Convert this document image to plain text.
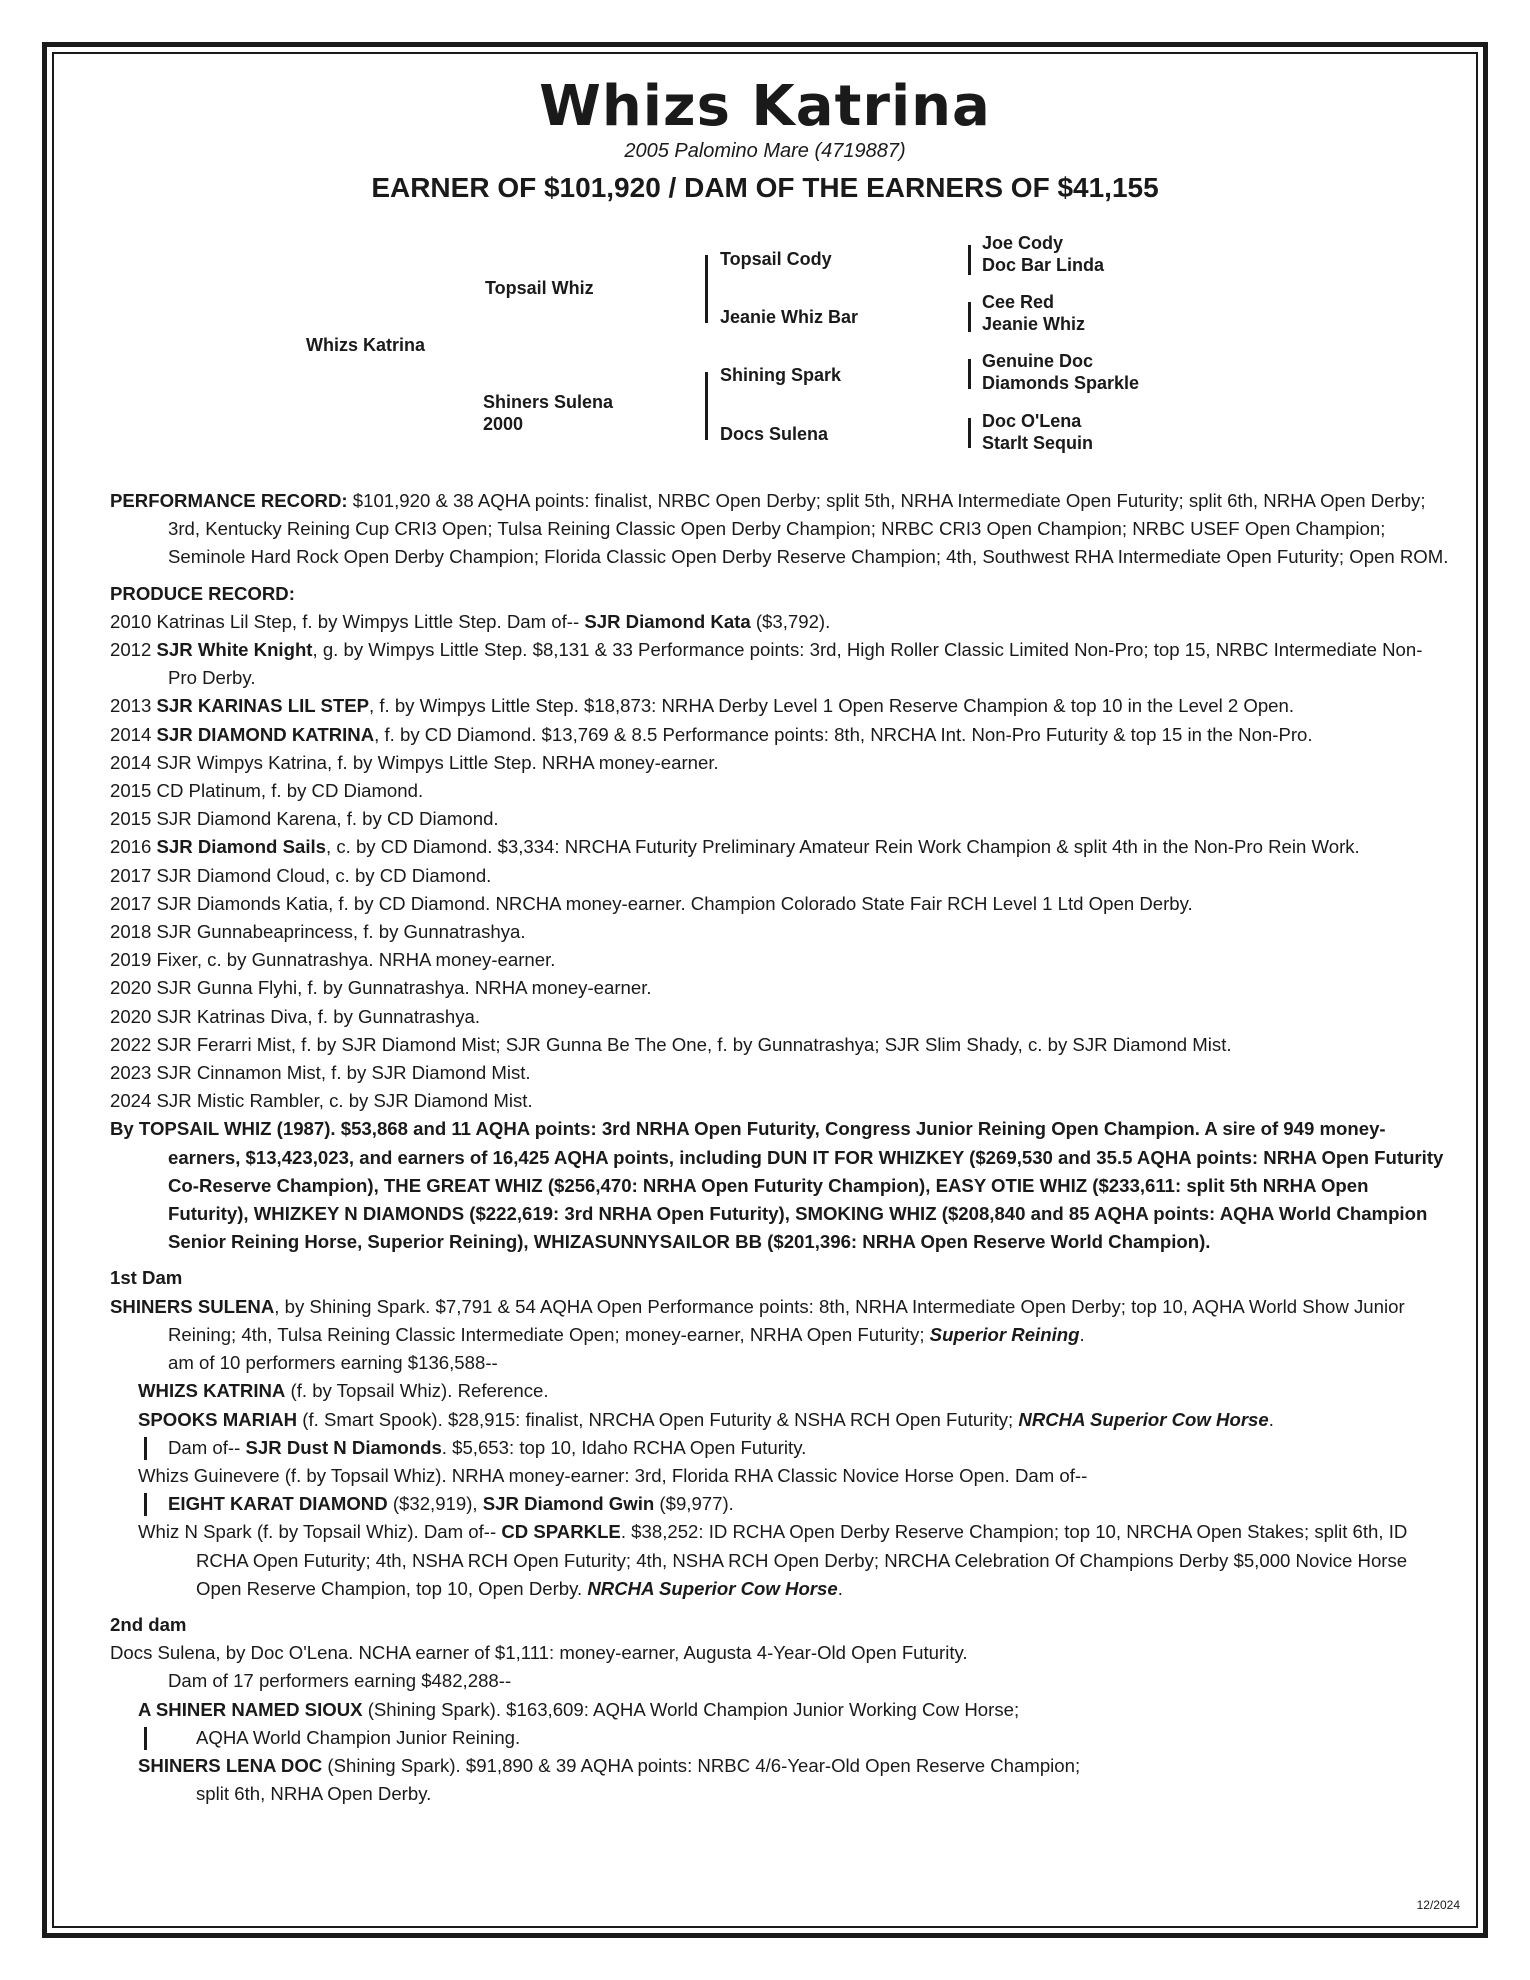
Whizs Katrina
2005 Palomino Mare (4719887)
EARNER OF $101,920 / DAM OF THE EARNERS OF $41,155
Whizs Katrina
Topsail Whiz
Shiners Sulena
2000
Topsail Cody
Jeanie Whiz Bar
Shining Spark
Docs Sulena
Joe Cody
Doc Bar Linda
Cee Red
Jeanie Whiz
Genuine Doc
Diamonds Sparkle
Doc O'Lena
Starlt Sequin

PERFORMANCE RECORD: $101,920 & 38 AQHA points: finalist, NRBC Open Derby; split 5th, NRHA Intermediate Open Futurity; split 6th, NRHA Open Derby; 3rd, Kentucky Reining Cup CRI3 Open; Tulsa Reining Classic Open Derby Champion; NRBC CRI3 Open Champion; NRBC USEF Open Champion; Seminole Hard Rock Open Derby Champion; Florida Classic Open Derby Reserve Champion; 4th, Southwest RHA Intermediate Open Futurity; Open ROM.

PRODUCE RECORD:

2010 Katrinas Lil Step, f. by Wimpys Little Step. Dam of-- SJR Diamond Kata ($3,792).

2012 SJR White Knight, g. by Wimpys Little Step. $8,131 & 33 Performance points: 3rd, High Roller Classic Limited Non-Pro; top 15, NRBC Intermediate Non-Pro Derby.

2013 SJR KARINAS LIL STEP, f. by Wimpys Little Step. $18,873: NRHA Derby Level 1 Open Reserve Champion & top 10 in the Level 2 Open.

2014 SJR DIAMOND KATRINA, f. by CD Diamond. $13,769 & 8.5 Performance points: 8th, NRCHA Int. Non-Pro Futurity & top 15 in the Non-Pro.

2014 SJR Wimpys Katrina, f. by Wimpys Little Step. NRHA money-earner.

2015 CD Platinum, f. by CD Diamond.

2015 SJR Diamond Karena, f. by CD Diamond.

2016 SJR Diamond Sails, c. by CD Diamond. $3,334: NRCHA Futurity Preliminary Amateur Rein Work Champion & split 4th in the Non-Pro Rein Work.

2017 SJR Diamond Cloud, c. by CD Diamond.

2017 SJR Diamonds Katia, f. by CD Diamond. NRCHA money-earner. Champion Colorado State Fair RCH Level 1 Ltd Open Derby.

2018 SJR Gunnabeaprincess, f. by Gunnatrashya.

2019 Fixer, c. by Gunnatrashya. NRHA money-earner.

2020 SJR Gunna Flyhi, f. by Gunnatrashya. NRHA money-earner.

2020 SJR Katrinas Diva, f. by Gunnatrashya.

2022 SJR Ferarri Mist, f. by SJR Diamond Mist; SJR Gunna Be The One, f. by Gunnatrashya; SJR Slim Shady, c. by SJR Diamond Mist.

2023 SJR Cinnamon Mist, f. by SJR Diamond Mist.

2024 SJR Mistic Rambler, c. by SJR Diamond Mist.

By TOPSAIL WHIZ (1987). $53,868 and 11 AQHA points: 3rd NRHA Open Futurity, Congress Junior Reining Open Champion. A sire of 949 money-earners, $13,423,023, and earners of 16,425 AQHA points, including DUN IT FOR WHIZKEY ($269,530 and 35.5 AQHA points: NRHA Open Futurity Co-Reserve Champion), THE GREAT WHIZ ($256,470: NRHA Open Futurity Champion), EASY OTIE WHIZ ($233,611: split 5th NRHA Open Futurity), WHIZKEY N DIAMONDS ($222,619: 3rd NRHA Open Futurity), SMOKING WHIZ ($208,840 and 85 AQHA points: AQHA World Champion Senior Reining Horse, Superior Reining), WHIZASUNNYSAILOR BB ($201,396: NRHA Open Reserve World Champion).

1st Dam

SHINERS SULENA, by Shining Spark. $7,791 & 54 AQHA Open Performance points: 8th, NRHA Intermediate Open Derby; top 10, AQHA World Show Junior Reining; 4th, Tulsa Reining Classic Intermediate Open; money-earner, NRHA Open Futurity; Superior Reining.

am of 10 performers earning $136,588--

WHIZS KATRINA (f. by Topsail Whiz). Reference.

SPOOKS MARIAH (f. Smart Spook). $28,915: finalist, NRCHA Open Futurity & NSHA RCH Open Futurity; NRCHA Superior Cow Horse.

Dam of-- SJR Dust N Diamonds. $5,653: top 10, Idaho RCHA Open Futurity.

Whizs Guinevere (f. by Topsail Whiz). NRHA money-earner: 3rd, Florida RHA Classic Novice Horse Open. Dam of--

EIGHT KARAT DIAMOND ($32,919), SJR Diamond Gwin ($9,977).

Whiz N Spark (f. by Topsail Whiz). Dam of-- CD SPARKLE. $38,252: ID RCHA Open Derby Reserve Champion; top 10, NRCHA Open Stakes; split 6th, ID RCHA Open Futurity; 4th, NSHA RCH Open Futurity; 4th, NSHA RCH Open Derby; NRCHA Celebration Of Champions Derby $5,000 Novice Horse Open Reserve Champion, top 10, Open Derby. NRCHA Superior Cow Horse.

2nd dam

Docs Sulena, by Doc O'Lena. NCHA earner of $1,111: money-earner, Augusta 4-Year-Old Open Futurity.

Dam of 17 performers earning $482,288--

A SHINER NAMED SIOUX (Shining Spark). $163,609: AQHA World Champion Junior Working Cow Horse;

AQHA World Champion Junior Reining.

SHINERS LENA DOC (Shining Spark). $91,890 & 39 AQHA points: NRBC 4/6-Year-Old Open Reserve Champion;

split 6th, NRHA Open Derby.

12/2024
